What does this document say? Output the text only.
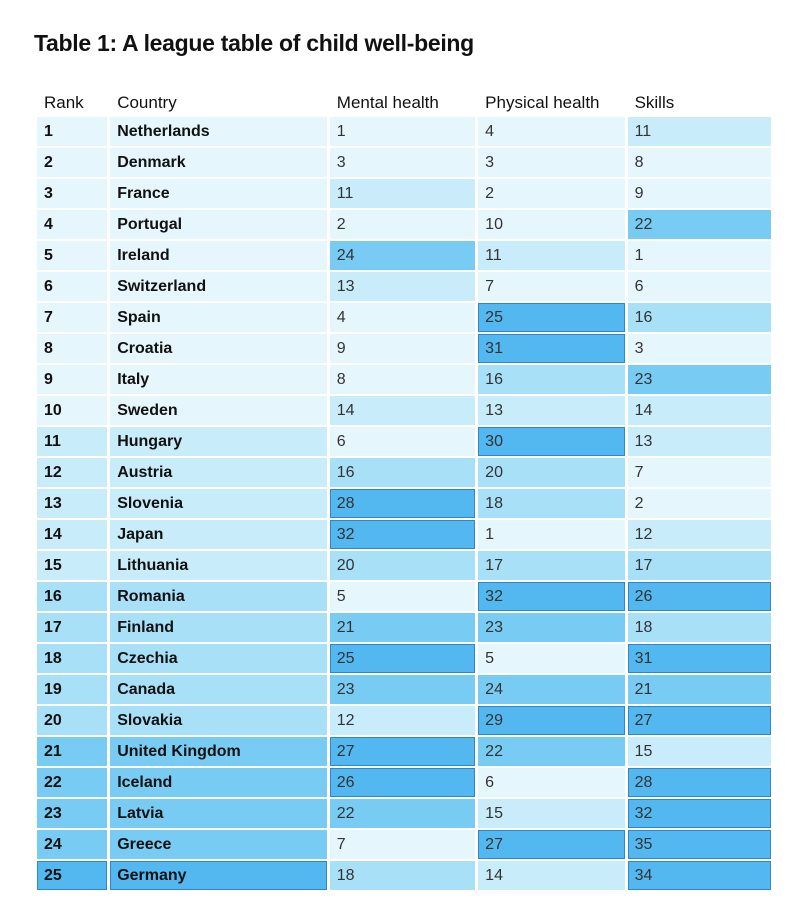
Table 1: A league table of child well-being
Rank	Country	Mental health	Physical health	Skills
1	Netherlands	1	4	11
2	Denmark	3	3	8
3	France	11	2	9
4	Portugal	2	10	22
5	Ireland	24	11	1
6	Switzerland	13	7	6
7	Spain	4	25	16
8	Croatia	9	31	3
9	Italy	8	16	23
10	Sweden	14	13	14
11	Hungary	6	30	13
12	Austria	16	20	7
13	Slovenia	28	18	2
14	Japan	32	1	12
15	Lithuania	20	17	17
16	Romania	5	32	26
17	Finland	21	23	18
18	Czechia	25	5	31
19	Canada	23	24	21
20	Slovakia	12	29	27
21	United Kingdom	27	22	15
22	Iceland	26	6	28
23	Latvia	22	15	32
24	Greece	7	27	35
25	Germany	18	14	34
